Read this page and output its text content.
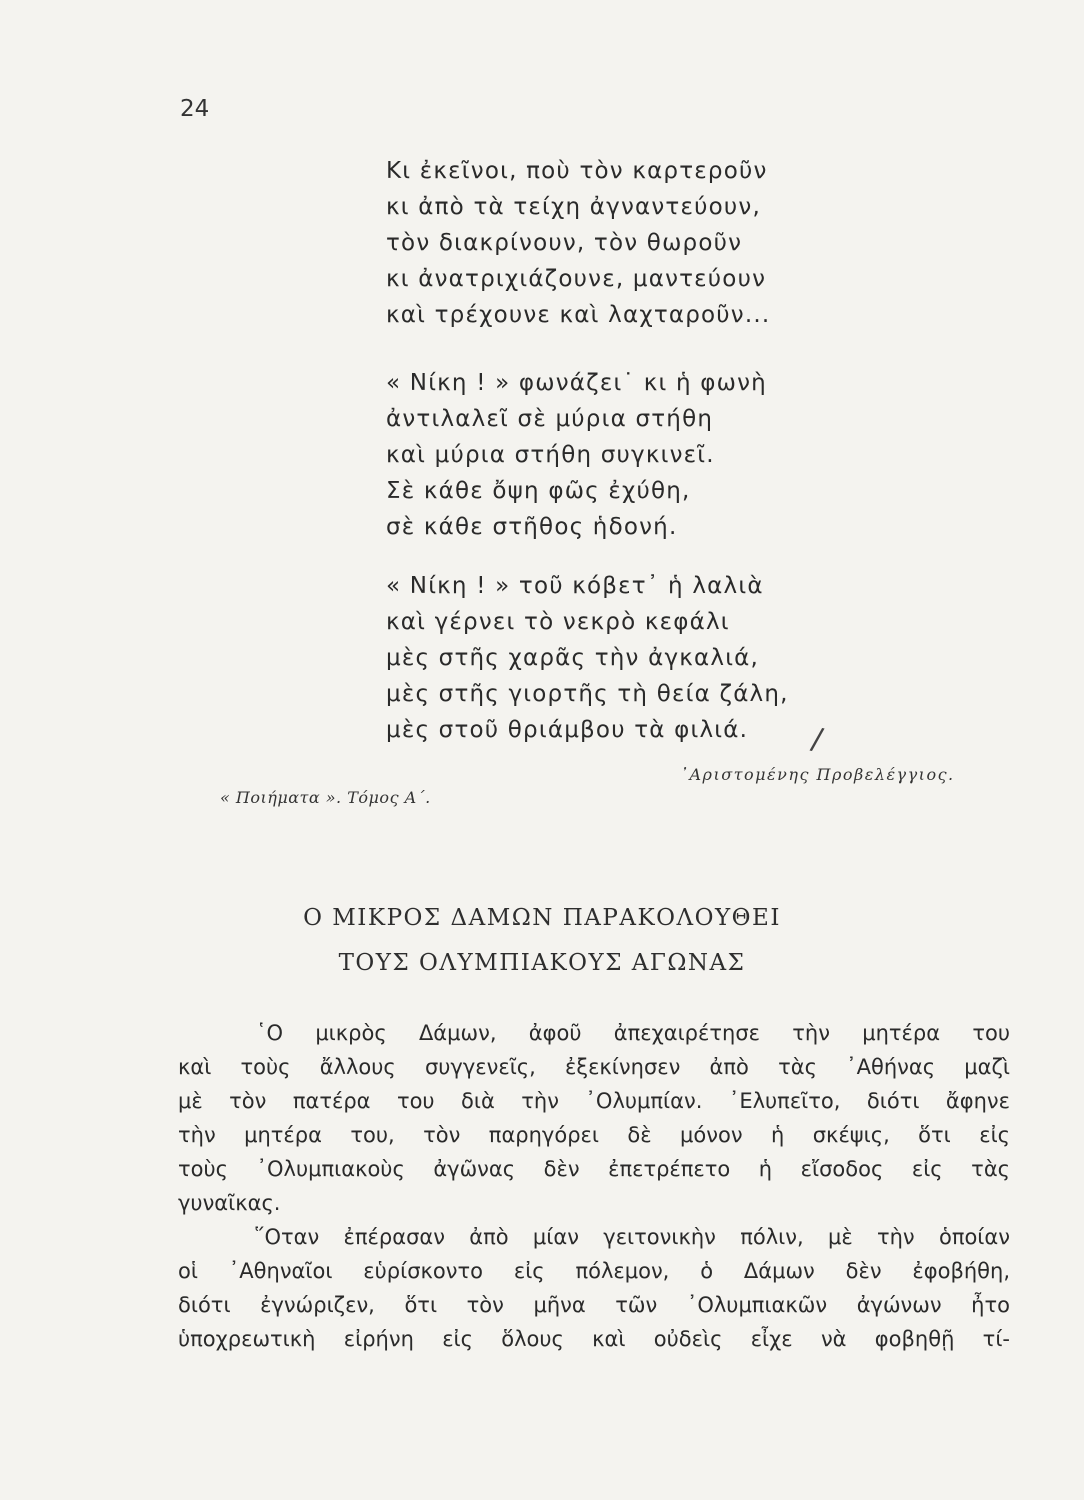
24
Κι ἐκεῖνοι, ποὺ τὸν καρτεροῦν
κι ἀπὸ τὰ τείχη ἀγναντεύουν,
τὸν διακρίνουν, τὸν θωροῦν
κι ἀνατριχιάζουνε, μαντεύουν
καὶ τρέχουνε καὶ λαχταροῦν...
« Νίκη ! » φωνάζει˙ κι ἡ φωνὴ
ἀντιλαλεῖ σὲ μύρια στήθη
καὶ μύρια στήθη συγκινεῖ.
Σὲ κάθε ὄψη φῶς ἐχύθη,
σὲ κάθε στῆθος ἡδονή.
« Νίκη ! » τοῦ κόβετ᾽ ἡ λαλιὰ
καὶ γέρνει τὸ νεκρὸ κεφάλι
μὲς στῆς χαρᾶς τὴν ἀγκαλιά,
μὲς στῆς γιορτῆς τὴ θεία ζάλη,
μὲς στοῦ θριάμβου τὰ φιλιά.	/
᾽Αριστομένης Προβελέγγιος.
« Ποιήματα ». Τόμος Α΄.
Ο ΜΙΚΡΟΣ ΔΑΜΩΝ ΠΑΡΑΚΟΛΟΥΘΕΙ
ΤΟΥΣ ΟΛΥΜΠΙΑΚΟΥΣ ΑΓΩΝΑΣ
῾Ο μικρὸς Δάμων, ἀφοῦ ἀπεχαιρέτησε τὴν μητέρα του
καὶ τοὺς ἄλλους συγγενεῖς, ἐξεκίνησεν ἀπὸ τὰς ᾽Αθήνας μαζὶ
μὲ τὸν πατέρα του διὰ τὴν ᾽Ολυμπίαν. ᾽Ελυπεῖτο, διότι ἄφηνε
τὴν μητέρα του, τὸν παρηγόρει δὲ μόνον ἡ σκέψις, ὅτι εἰς
τοὺς ᾽Ολυμπιακοὺς ἀγῶνας δὲν ἐπετρέπετο ἡ εἴσοδος εἰς τὰς
γυναῖκας.
῞Οταν ἐπέρασαν ἀπὸ μίαν γειτονικὴν πόλιν, μὲ τὴν ὁποίαν
οἱ ᾽Αθηναῖοι εὑρίσκοντο εἰς πόλεμον, ὁ Δάμων δὲν ἐφοβήθη,
διότι ἐγνώριζεν, ὅτι τὸν μῆνα τῶν ᾽Ολυμπιακῶν ἀγώνων ἦτο
ὑποχρεωτικὴ εἰρήνη εἰς ὅλους καὶ οὐδεὶς εἶχε νὰ φοβηθῇ τί-
